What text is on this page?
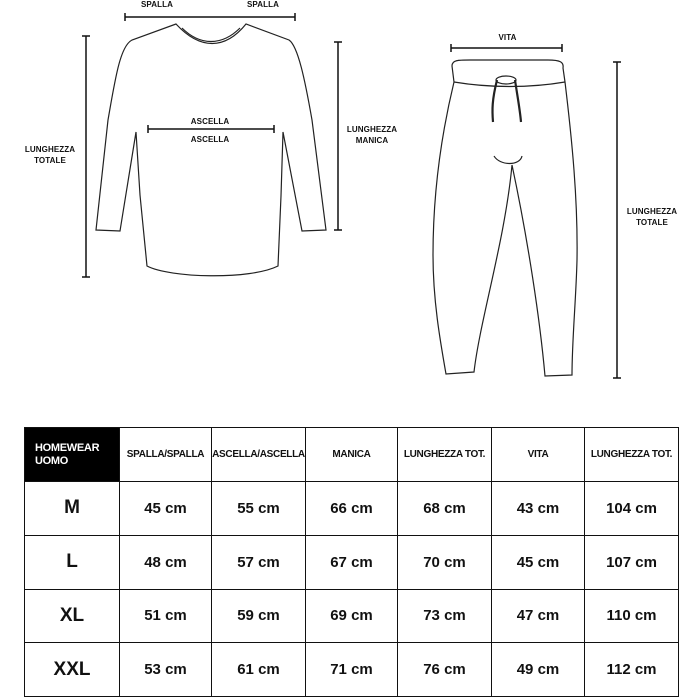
SPALLA	SPALLA
ASCELLA
ASCELLA
LUNGHEZZA
TOTALE
LUNGHEZZA
MANICA
VITA
LUNGHEZZA
TOTALE
HOMEWEAR
UOMO	SPALLA/SPALLA	ASCELLA/ASCELLA	MANICA	LUNGHEZZA TOT.	VITA	LUNGHEZZA TOT.
M	45 cm	55 cm	66 cm	68 cm	43 cm	104 cm
L	48 cm	57 cm	67 cm	70 cm	45 cm	107 cm
XL	51 cm	59 cm	69 cm	73 cm	47 cm	110 cm
XXL	53 cm	61 cm	71 cm	76 cm	49 cm	112 cm
